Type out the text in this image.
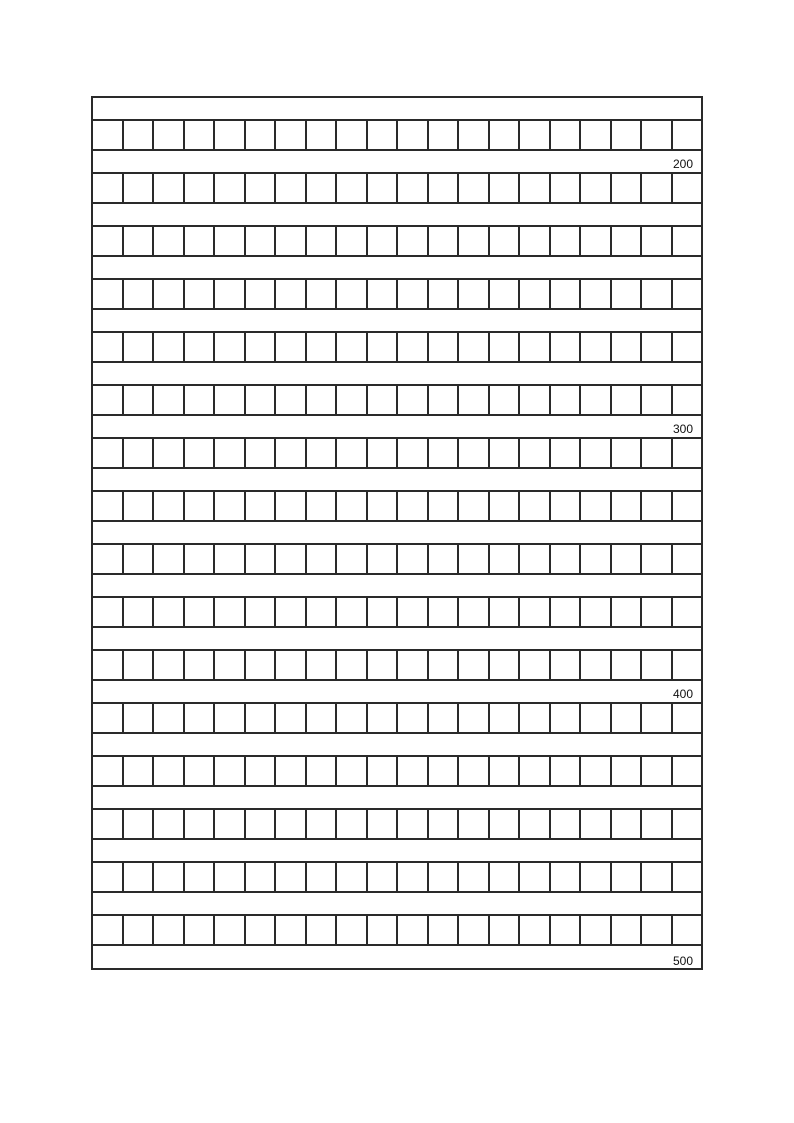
200
300
400
500
